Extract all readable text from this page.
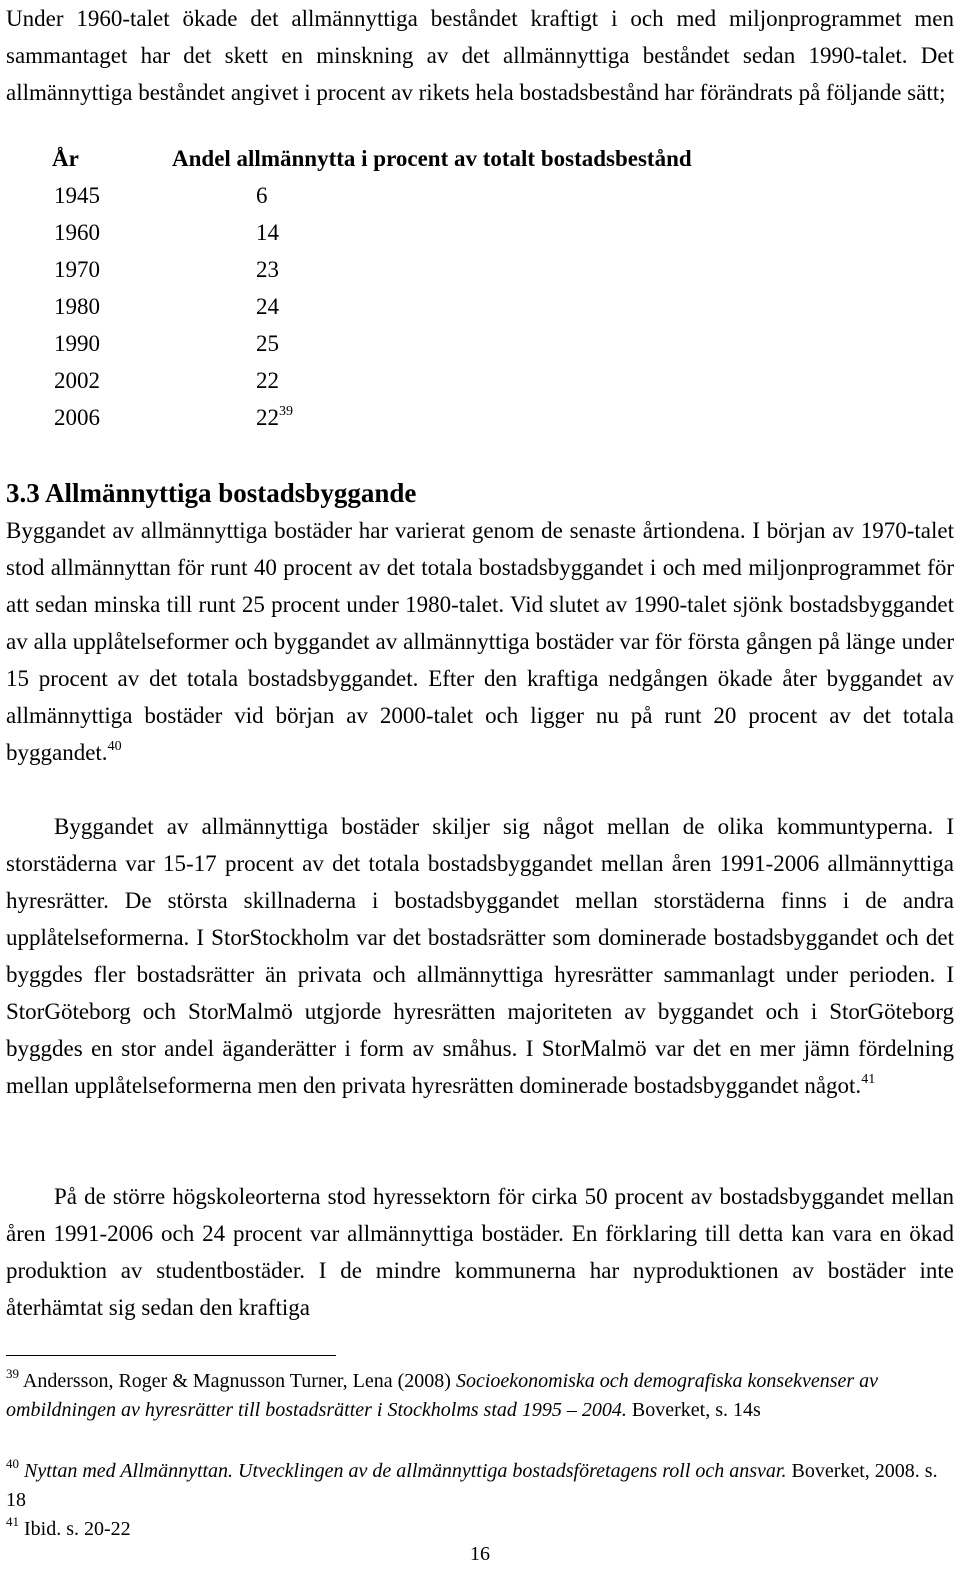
Under 1960-talet ökade det allmännyttiga beståndet kraftigt i och med miljonprogrammet men sammantaget har det skett en minskning av det allmännyttiga beståndet sedan 1990-talet. Det allmännyttiga beståndet angivet i procent av rikets hela bostadsbestånd har förändrats på följande sätt;

År	Andel allmännytta i procent av totalt bostadsbestånd
1945	6
1960	14
1970	23
1980	24
1990	25
2002	22
2006	$22^{39}$
3.3 Allmännyttiga bostadsbyggande

Byggandet av allmännyttiga bostäder har varierat genom de senaste årtiondena. I början av 1970-talet stod allmännyttan för runt 40 procent av det totala bostadsbyggandet i och med miljonprogrammet för att sedan minska till runt 25 procent under 1980-talet. Vid slutet av 1990-talet sjönk bostadsbyggandet av alla upplåtelseformer och byggandet av allmännyttiga bostäder var för första gången på länge under 15 procent av det totala bostadsbyggandet. Efter den kraftiga nedgången ökade åter byggandet av allmännyttiga bostäder vid början av 2000-talet och ligger nu på runt 20 procent av det totala byggandet.$^{40}$

Byggandet av allmännyttiga bostäder skiljer sig något mellan de olika kommuntyperna. I storstäderna var 15-17 procent av det totala bostadsbyggandet mellan åren 1991-2006 allmännyttiga hyresrätter. De största skillnaderna i bostadsbyggandet mellan storstäderna finns i de andra upplåtelseformerna. I StorStockholm var det bostadsrätter som dominerade bostadsbyggandet och det byggdes fler bostadsrätter än privata och allmännyttiga hyresrätter sammanlagt under perioden. I StorGöteborg och StorMalmö utgjorde hyresrätten majoriteten av byggandet och i StorGöteborg byggdes en stor andel äganderätter i form av småhus. I StorMalmö var det en mer jämn fördelning mellan upplåtelseformerna men den privata hyresrätten dominerade bostadsbyggandet något.$^{41}$

På de större högskoleorterna stod hyressektorn för cirka 50 procent av bostadsbyggandet mellan åren 1991-2006 och 24 procent var allmännyttiga bostäder. En förklaring till detta kan vara en ökad produktion av studentbostäder. I de mindre kommunerna har nyproduktionen av bostäder inte återhämtat sig sedan den kraftiga

$^{39}$ Andersson, Roger & Magnusson Turner, Lena (2008) Socioekonomiska och demografiska konsekvenser av ombildningen av hyresrätter till bostadsrätter i Stockholms stad 1995 – 2004. Boverket, s. 14s

$^{40}$ Nyttan med Allmännyttan. Utvecklingen av de allmännyttiga bostadsföretagens roll och ansvar. Boverket, 2008. s. 18

$^{41}$ Ibid. s. 20-22

16
